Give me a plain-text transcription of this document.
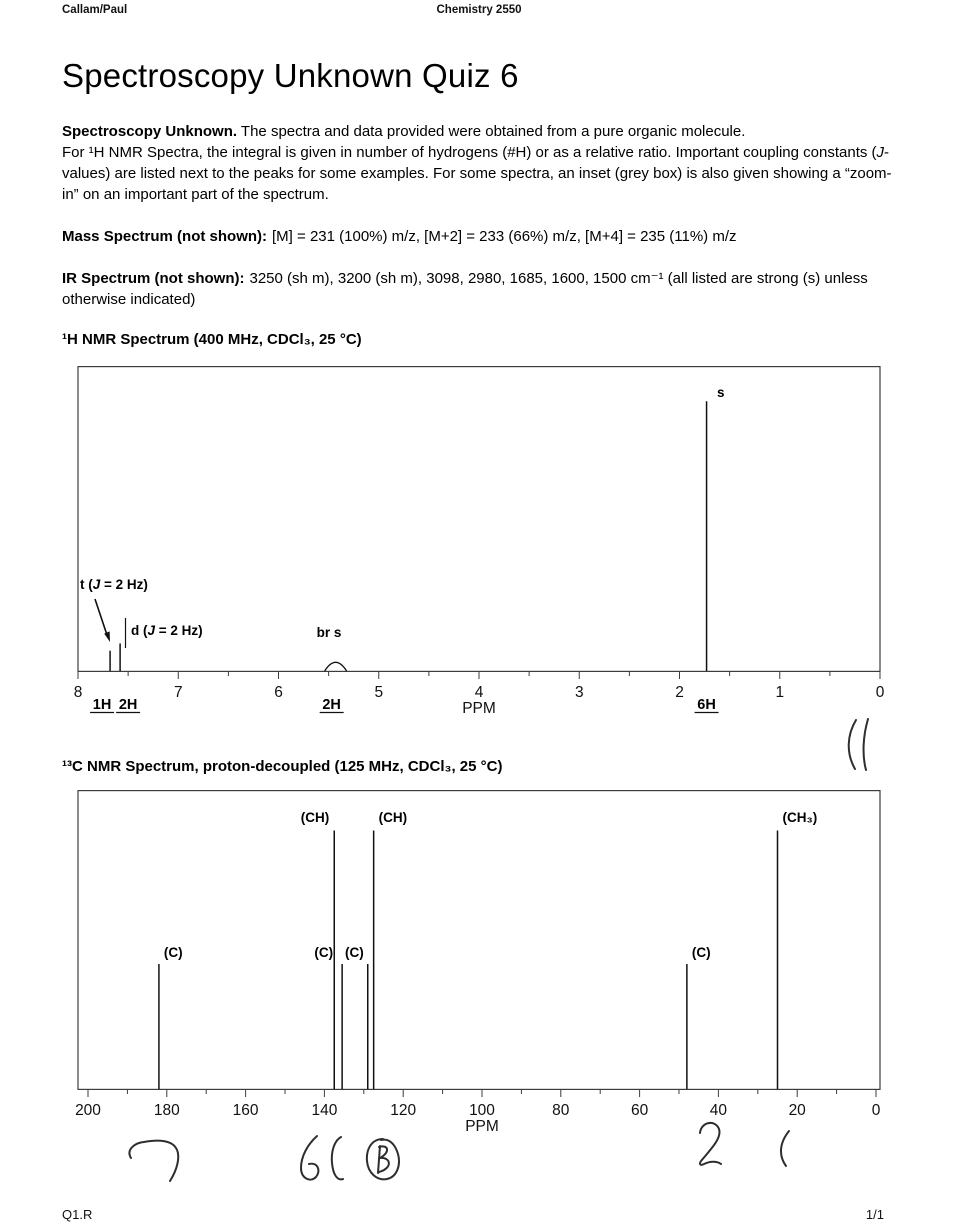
Callam/Paul	Chemistry 2550
Spectroscopy Unknown Quiz 6

Spectroscopy Unknown. The spectra and data provided were obtained from a pure organic molecule.
For ¹H NMR Spectra, the integral is given in number of hydrogens (#H) or as a relative ratio. Important coupling constants (J-values) are listed next to the peaks for some examples. For some spectra, an inset (grey box) is also given showing a “zoom-in” on an important part of the spectrum.

Mass Spectrum (not shown): [M] = 231 (100%) m/z, [M+2] = 233 (66%) m/z, [M+4] = 235 (11%) m/z

IR Spectrum (not shown): 3250 (sh m), 3200 (sh m), 3098, 2980, 1685, 1600, 1500 cm⁻¹ (all listed are strong (s) unless otherwise indicated)

¹H NMR Spectrum (400 MHz, CDCl₃, 25 °C)

0
1
2
3
4
5
6
7
8
PPM
t (J = 2 Hz)
1H
d (J = 2 Hz)
2H
br s
2H
s
6H

¹³C NMR Spectrum, proton-decoupled (125 MHz, CDCl₃, 25 °C)

0
20
40
60
80
100
120
140
160
180
200
PPM
(C)
(CH)
(C) (C)
(CH)
(C)
(CH₃)
Q1.R	1/1
